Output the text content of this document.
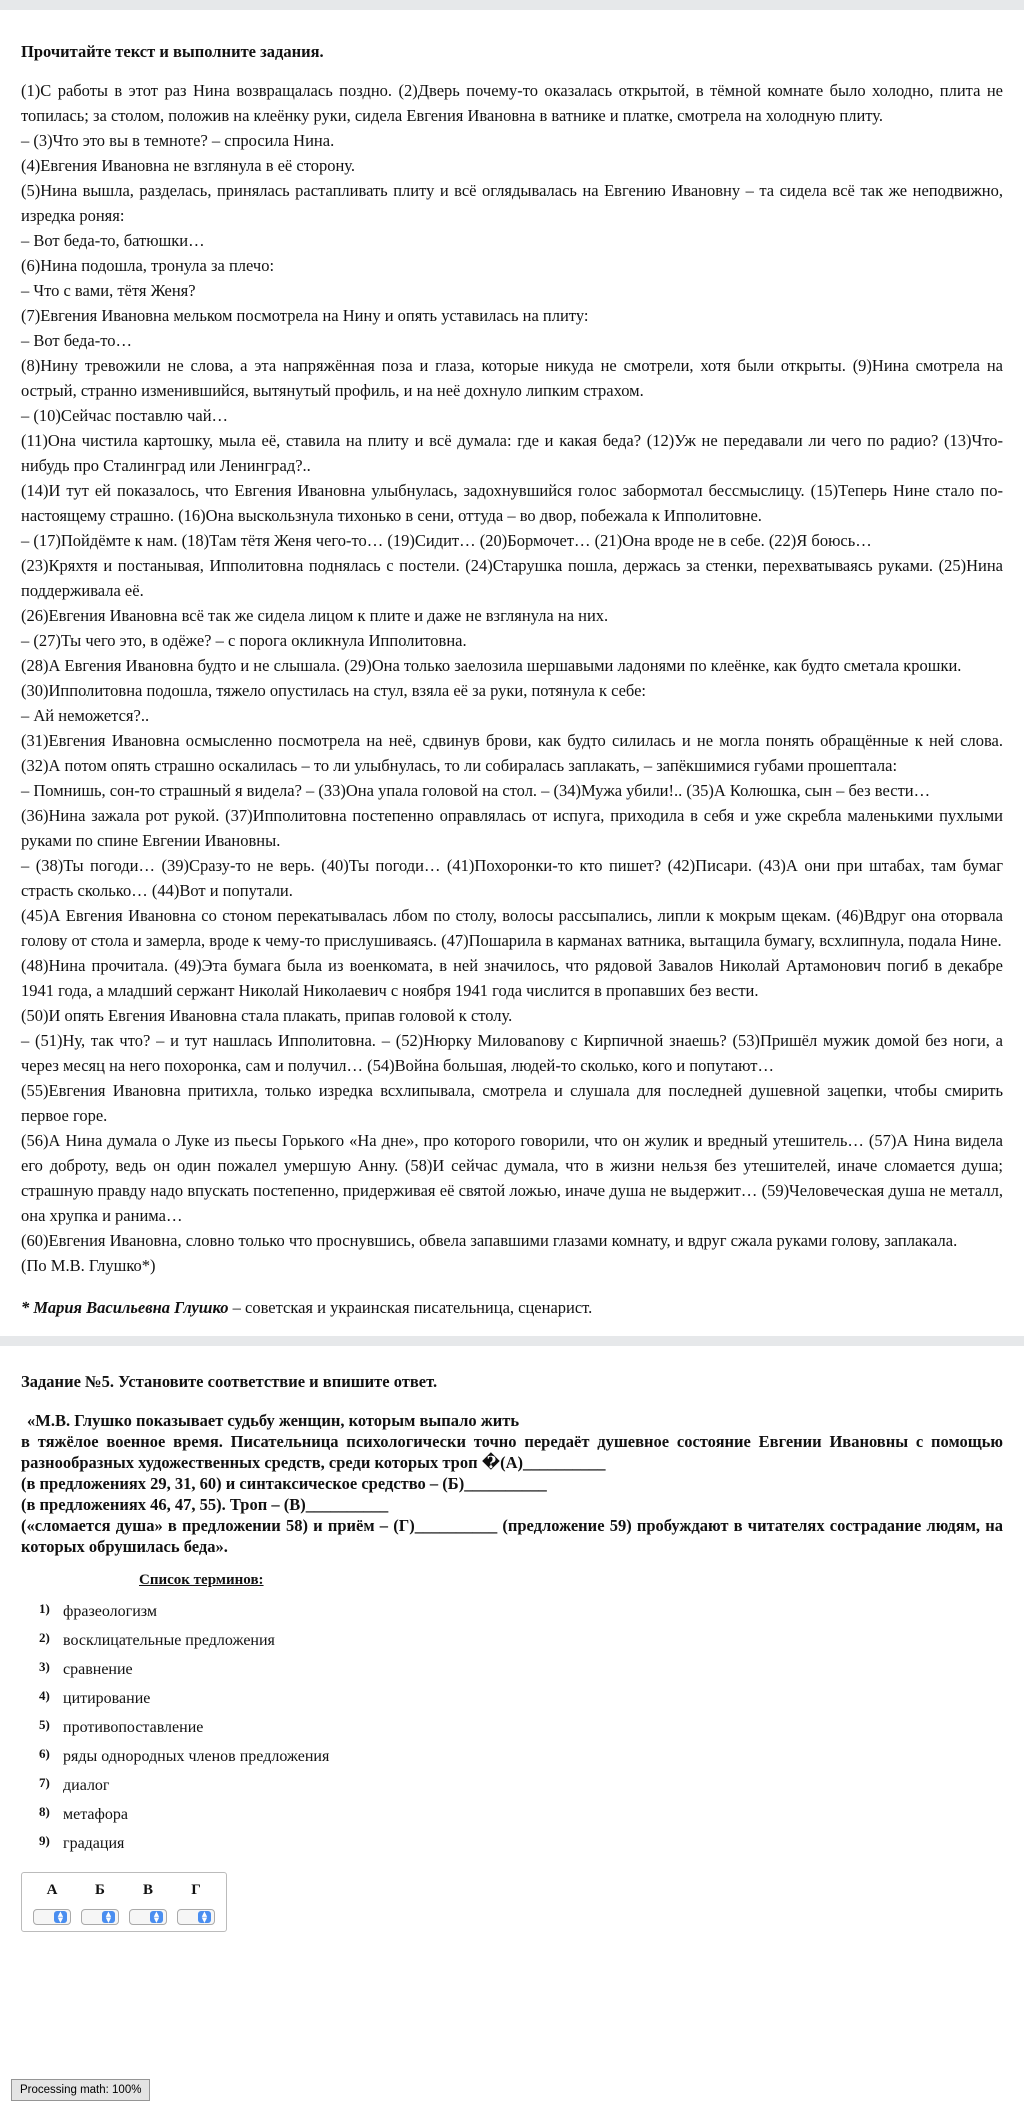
Прочитайте текст и выполните задания.

(1)С работы в этот раз Нина возвращалась поздно. (2)Дверь почему-то оказалась открытой, в тёмной комнате было холодно, плита не топилась; за столом, положив на клеёнку руки, сидела Евгения Ивановна в ватнике и платке, смотрела на холодную плиту.

– (3)Что это вы в темноте? – спросила Нина.

(4)Евгения Ивановна не взглянула в её сторону.

(5)Нина вышла, разделась, принялась растапливать плиту и всё оглядывалась на Евгению Ивановну – та сидела всё так же неподвижно, изредка роняя:

– Вот беда-то, батюшки…

(6)Нина подошла, тронула за плечо:

– Что с вами, тётя Женя?

(7)Евгения Ивановна мельком посмотрела на Нину и опять уставилась на плиту:

– Вот беда-то…

(8)Нину тревожили не слова, а эта напряжённая поза и глаза, которые никуда не смотрели, хотя были открыты. (9)Нина смотрела на острый, странно изменившийся, вытянутый профиль, и на неё дохнуло липким страхом.

– (10)Сейчас поставлю чай…

(11)Она чистила картошку, мыла её, ставила на плиту и всё думала: где и какая беда? (12)Уж не передавали ли чего по радио? (13)Что-нибудь про Сталинград или Ленинград?..

(14)И тут ей показалось, что Евгения Ивановна улыбнулась, задохнувшийся голос забормотал бессмыслицу. (15)Теперь Нине стало по-настоящему страшно. (16)Она выскользнула тихонько в сени, оттуда – во двор, побежала к Ипполитовне.

– (17)Пойдёмте к нам. (18)Там тётя Женя чего-то… (19)Сидит… (20)Бормочет… (21)Она вроде не в себе. (22)Я боюсь…

(23)Кряхтя и постанывая, Ипполитовна поднялась с постели. (24)Старушка пошла, держась за стенки, перехватываясь руками. (25)Нина поддерживала её.

(26)Евгения Ивановна всё так же сидела лицом к плите и даже не взглянула на них.

– (27)Ты чего это, в одёже? – с порога окликнула Ипполитовна.

(28)А Евгения Ивановна будто и не слышала. (29)Она только заелозила шершавыми ладонями по клеёнке, как будто сметала крошки.

(30)Ипполитовна подошла, тяжело опустилась на стул, взяла её за руки, потянула к себе:

– Ай неможется?..

(31)Евгения Ивановна осмысленно посмотрела на неё, сдвинув брови, как будто силилась и не могла понять обращённые к ней слова. (32)А потом опять страшно оскалилась – то ли улыбнулась, то ли собиралась заплакать, – запёкшимися губами прошептала:

– Помнишь, сон-то страшный я видела? – (33)Она упала головой на стол. – (34)Мужа убили!.. (35)А Колюшка, сын – без вести…

(36)Нина зажала рот рукой. (37)Ипполитовна постепенно оправлялась от испуга, приходила в себя и уже скребла маленькими пухлыми руками по спине Евгении Ивановны.

– (38)Ты погоди… (39)Сразу-то не верь. (40)Ты погоди… (41)Похоронки-то кто пишет? (42)Писари. (43)А они при штабах, там бумаг страсть сколько… (44)Вот и попутали.

(45)А Евгения Ивановна со стоном перекатывалась лбом по столу, волосы рассыпались, липли к мокрым щекам. (46)Вдруг она оторвала голову от стола и замерла, вроде к чему-то прислушиваясь. (47)Пошарила в карманах ватника, вытащила бумагу, всхлипнула, подала Нине.

(48)Нина прочитала. (49)Эта бумага была из военкомата, в ней значилось, что рядовой Завалов Николай Артамонович погиб в декабре 1941 года, а младший сержант Николай Николаевич с ноября 1941 года числится в пропавших без вести.

(50)И опять Евгения Ивановна стала плакать, припав головой к столу.

– (51)Ну, так что? – и тут нашлась Ипполитовна. – (52)Нюрку Миловanову с Кирпичной знаешь? (53)Пришёл мужик домой без ноги, а через месяц на него похоронка, сам и получил… (54)Война большая, людей-то сколько, кого и попутают…

(55)Евгения Ивановна притихла, только изредка всхлипывала, смотрела и слушала для последней душевной зацепки, чтобы смирить первое горе.

(56)А Нина думала о Луке из пьесы Горького «На дне», про которого говорили, что он жулик и вредный утешитель… (57)А Нина видела его доброту, ведь он один пожалел умершую Анну. (58)И сейчас думала, что в жизни нельзя без утешителей, иначе сломается душа; страшную правду надо впускать постепенно, придерживая её святой ложью, иначе душа не выдержит… (59)Человеческая душа не металл, она хрупка и ранима…

(60)Евгения Ивановна, словно только что проснувшись, обвела запавшими глазами комнату, и вдруг сжала руками голову, заплакала.

(По М.В. Глушко*)

* Мария Васильевна Глушко – советская и украинская писательница, сценарист.
Задание №5. Установите соответствие и впишите ответ.

«М.В. Глушко показывает судьбу женщин, которым выпало жить

в тяжёлое военное время. Писательница психологически точно передаёт душевное состояние Евгении Ивановны с помощью разнообразных художественных средств, среди которых троп �(А)__________

(в предложениях 29, 31, 60) и синтаксическое средство – (Б)__________

(в предложениях 46, 47, 55). Троп – (В)__________

(«сломается душа» в предложении 58) и приём – (Г)__________ (предложение 59) пробуждают в читателях сострадание людям, на которых обрушилась беда».

Список терминов:
1) фразеологизм
2) восклицательные предложения
3) сравнение
4) цитирование
5) противопоставление
6) ряды однородных членов предложения
7) диалог
8) метафора
9) градация
А	Б	В	Г
▲
▼
▲
▼
▲
▼
▲
▼
Processing math: 100%
